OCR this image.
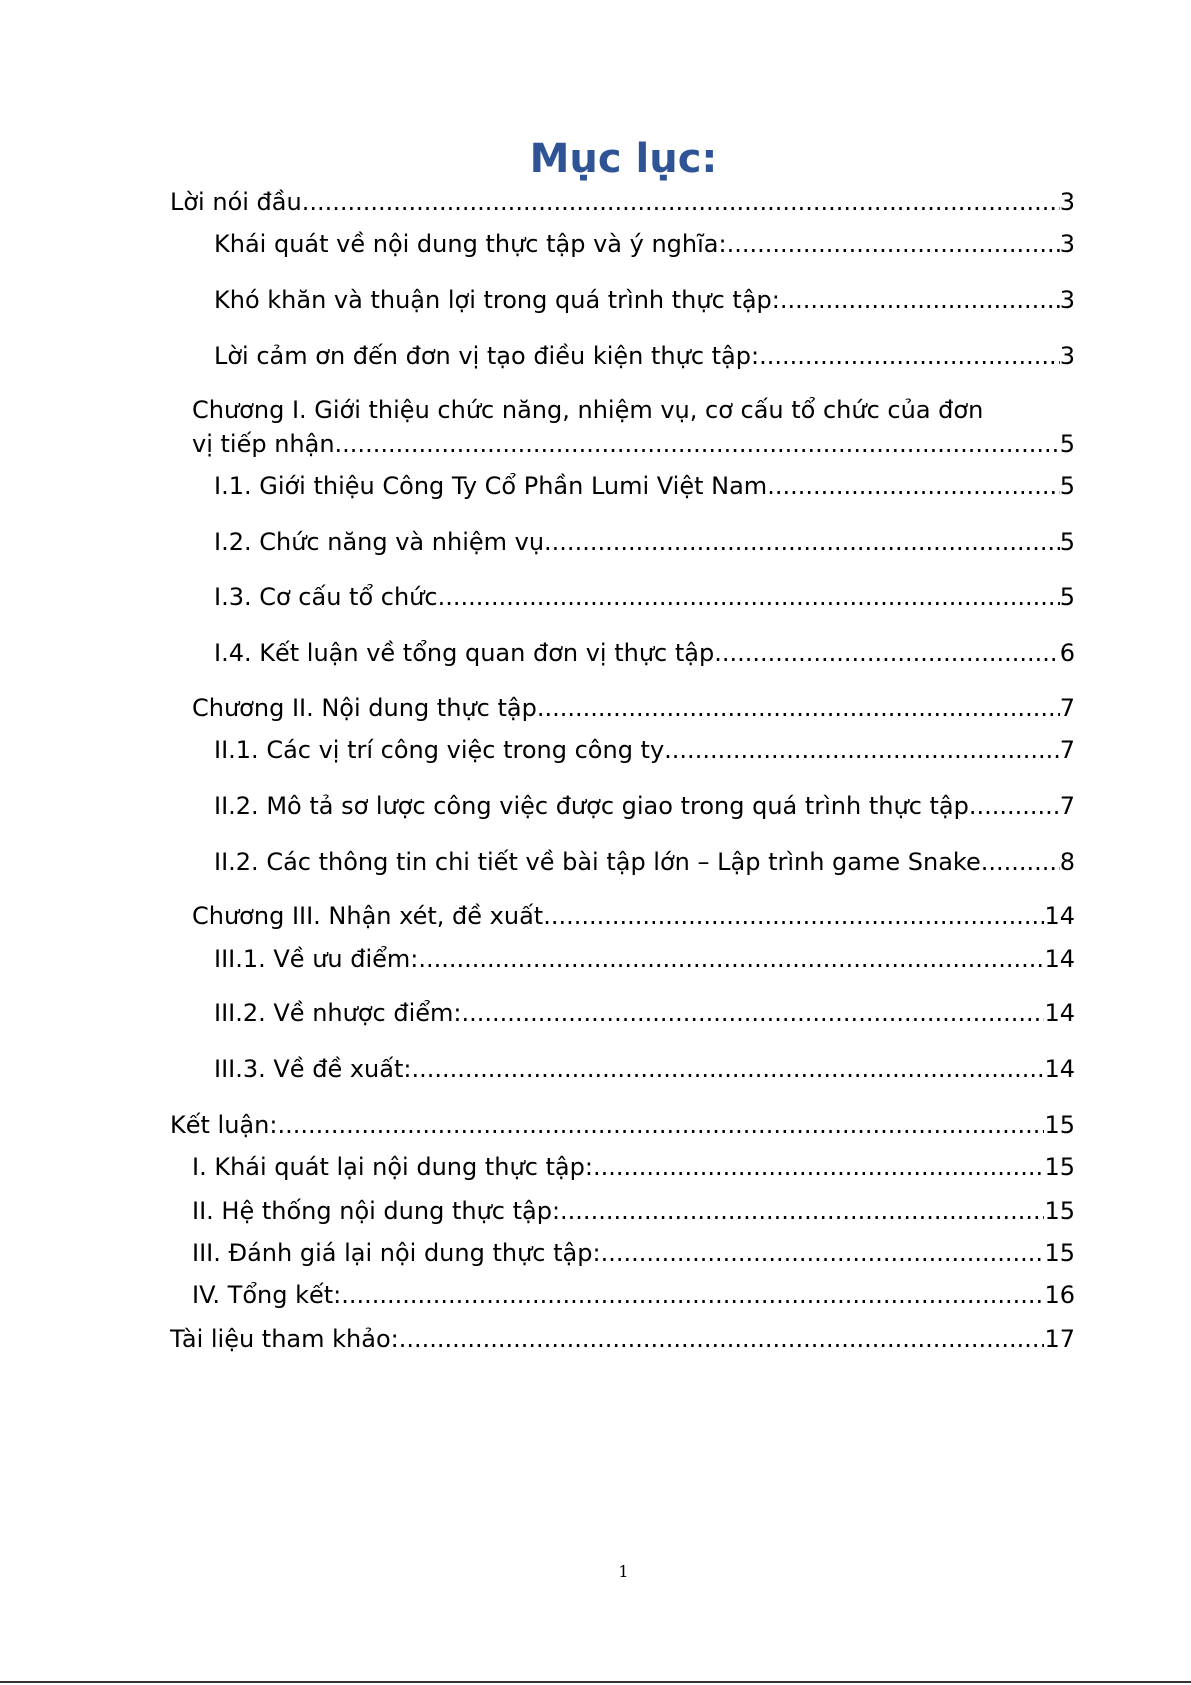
Mục lục:
Lời nói đầu .....	3
Khái quát về nội dung thực tập và ý nghĩa: .....	3
Khó khăn và thuận lợi trong quá trình thực tập: .....	3
Lời cảm ơn đến đơn vị tạo điều kiện thực tập: .....	3
Chương I. Giới thiệu chức năng, nhiệm vụ, cơ cấu tổ chức của đơn
vị tiếp nhận .....	5
I.1. Giới thiệu Công Ty Cổ Phần Lumi Việt Nam .....	5
I.2. Chức năng và nhiệm vụ .....	5
I.3. Cơ cấu tổ chức .....	5
I.4. Kết luận về tổng quan đơn vị thực tập .....	6
Chương II. Nội dung thực tập .....	7
II.1. Các vị trí công việc trong công ty .....	7
II.2. Mô tả sơ lược công việc được giao trong quá trình thực tập .....	7
II.2. Các thông tin chi tiết về bài tập lớn – Lập trình game Snake .....	8
Chương III. Nhận xét, đề xuất .....	14
III.1. Về ưu điểm: .....	14
III.2. Về nhược điểm: .....	14
III.3. Về đề xuất: .....	14
Kết luận: .....	15
I. Khái quát lại nội dung thực tập: .....	15
II. Hệ thống nội dung thực tập: .....	15
III. Đánh giá lại nội dung thực tập: .....	15
IV. Tổng kết: .....	16
Tài liệu tham khảo: .....	17
1
